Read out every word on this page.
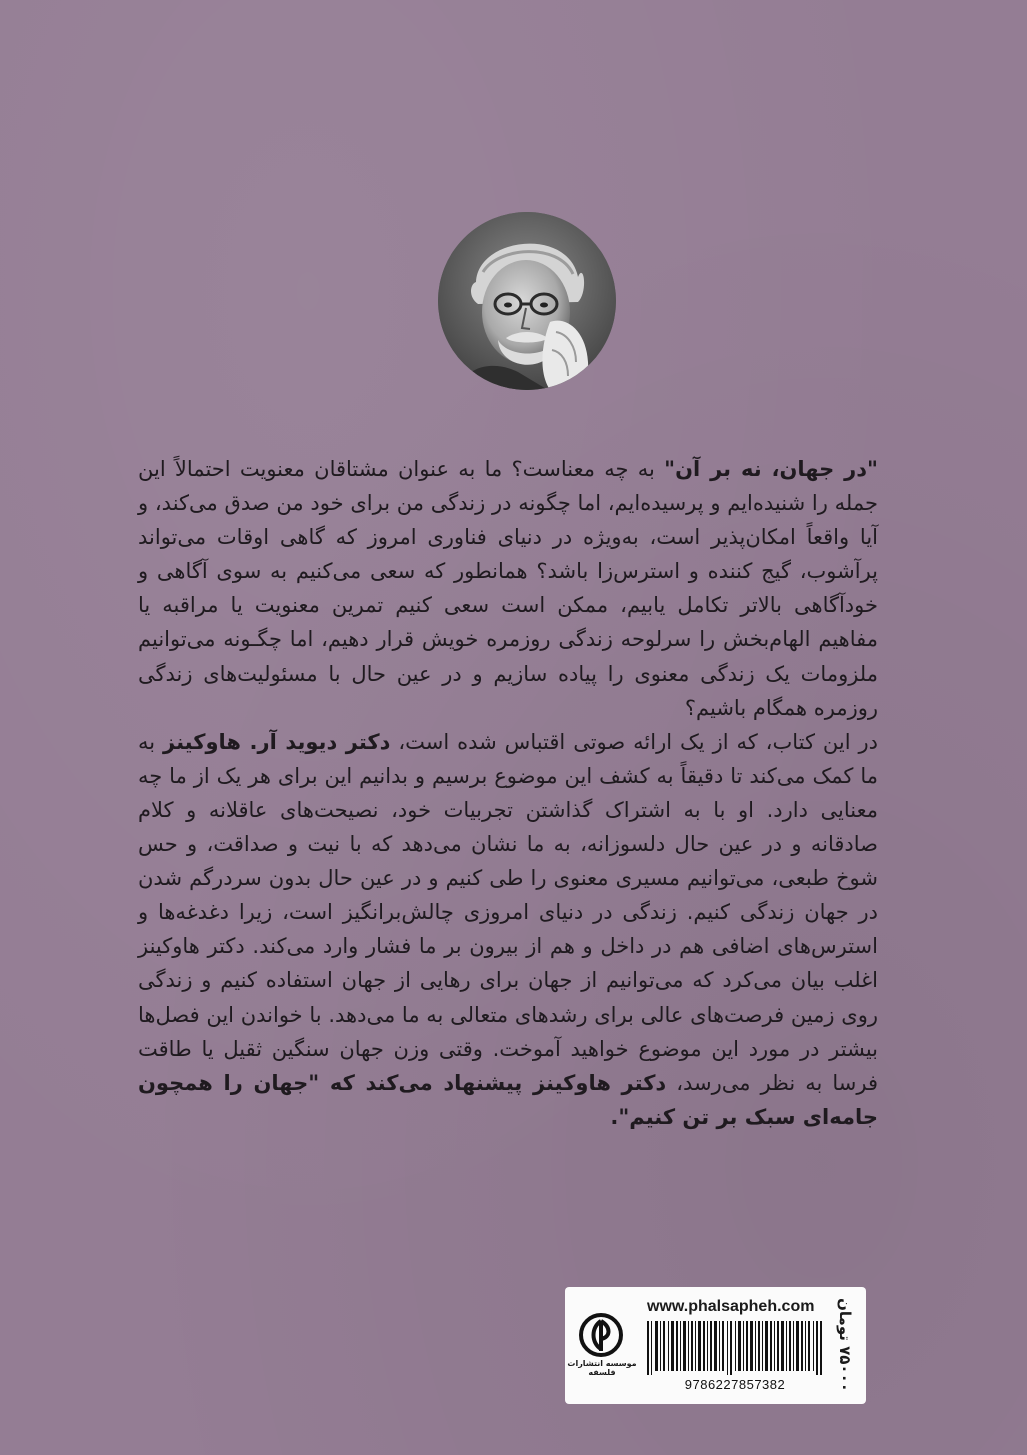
"در جهان، نه بر آن" به چه معناست؟ ما به عنوان مشتاقان معنویت احتمالاً این جمله را شنیده‌ایم و پرسیده‌ایم، اما چگونه در زندگی من برای خود من صدق می‌کند، و آیا واقعاً امکان‌پذیر است، به‌ویژه در دنیای فناوری امروز که گاهی اوقات می‌تواند پرآشوب، گیج کننده و استرس‌زا باشد؟ همانطور که سعی می‌کنیم به سوی آگاهی و خودآگاهی بالاتر تکامل یابیم، ممکن است سعی کنیم تمرین معنویت یا مراقبه یا مفاهیم الهام‌بخش را سرلوحه زندگی روزمره خویش قرار دهیم، اما چگـونه می‌توانیم ملزومات یک زندگی معنوی را پیاده سازیم و در عین حال با مسئولیت‌های زندگی روزمره همگام باشیم؟

در این کتاب، که از یک ارائه صوتی اقتباس شده است، دکتر دیوید آر. هاوکینز به ما کمک می‌کند تا دقیقاً به کشف این موضوع برسیم و بدانیم این برای هر یک از ما چه معنایی دارد. او با به اشتراک گذاشتن تجربیات خود، نصیحت‌های عاقلانه و کلام صادقانه و در عین حال دلسوزانه، به ما نشان می‌دهد که با نیت و صداقت، و حس شوخ طبعی، می‌توانیم مسیری معنوی را طی کنیم و در عین حال بدون سردرگم شدن در جهان زندگی کنیم. زندگی در دنیای امروزی چالش‌برانگیز است، زیرا دغدغه‌ها و استرس‌های اضافی هم در داخل و هم از بیرون بر ما فشار وارد می‌کند. دکتر هاوکینز اغلب بیان می‌کرد که می‌توانیم از جهان برای رهایی از جهان استفاده کنیم و زندگی روی زمین فرصت‌های عالی برای رشدهای متعالی به ما می‌دهد. با خواندن این فصل‌ها بیشتر در مورد این موضوع خواهید آموخت. وقتی وزن جهان سنگین ثقیل یا طاقت فرسا به نظر می‌رسد، دکتر هاوکینز پیشنهاد می‌کند که "جهان را همچون جامه‌ای سبک بر تن کنیم".

۷۵۰۰۰ تومان
www.phalsapheh.com
موسسه انتشارات فلسفه
9786227857382
